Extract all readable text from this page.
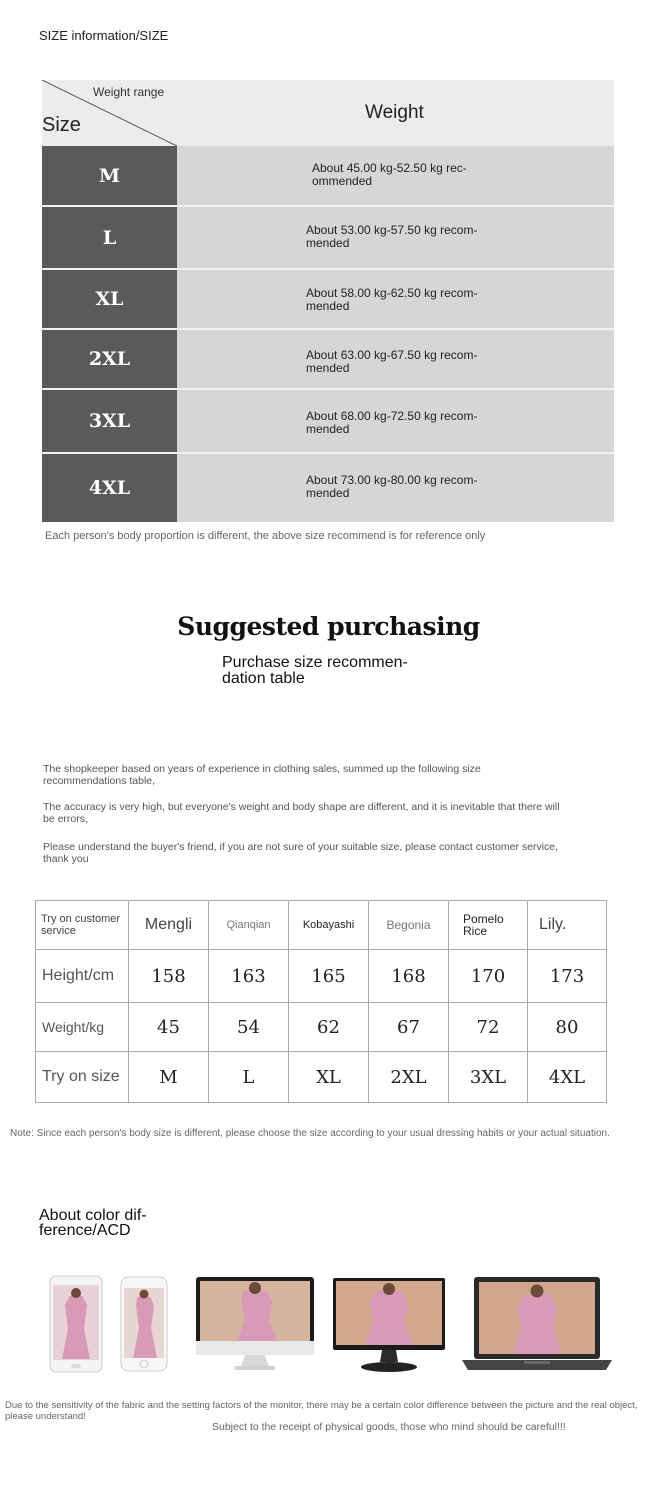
SIZE information/SIZE
Weight range
Size
Weight
M	About 45.00 kg-52.50 kg rec-
ommended
L	About 53.00 kg-57.50 kg recom-
mended
XL	About 58.00 kg-62.50 kg recom-
mended
2XL	About 63.00 kg-67.50 kg recom-
mended
3XL	About 68.00 kg-72.50 kg recom-
mended
4XL	About 73.00 kg-80.00 kg recom-
mended
Each person's body proportion is different, the above size recommend is for reference only
Suggested purchasing
Purchase size recommen-
dation table
The shopkeeper based on years of experience in clothing sales, summed up the following size recommendations table,
The accuracy is very high, but everyone's weight and body shape are different, and it is inevitable that there will be errors,
Please understand the buyer's friend, if you are not sure of your suitable size, please contact customer service, thank you
Try on customer service	Mengli	Qianqian	Kobayashi	Begonia	Pomelo Rice	Lily.
Height/cm	158	163	165	168	170	173
Weight/kg	45	54	62	67	72	80
Try on size	M	L	XL	2XL	3XL	4XL
Note: Since each person's body size is different, please choose the size according to your usual dressing habits or your actual situation.
About color dif-
ference/ACD
Due to the sensitivity of the fabric and the setting factors of the monitor, there may be a certain color difference between the picture and the real object, please understand!
Subject to the receipt of physical goods, those who mind should be careful!!!
